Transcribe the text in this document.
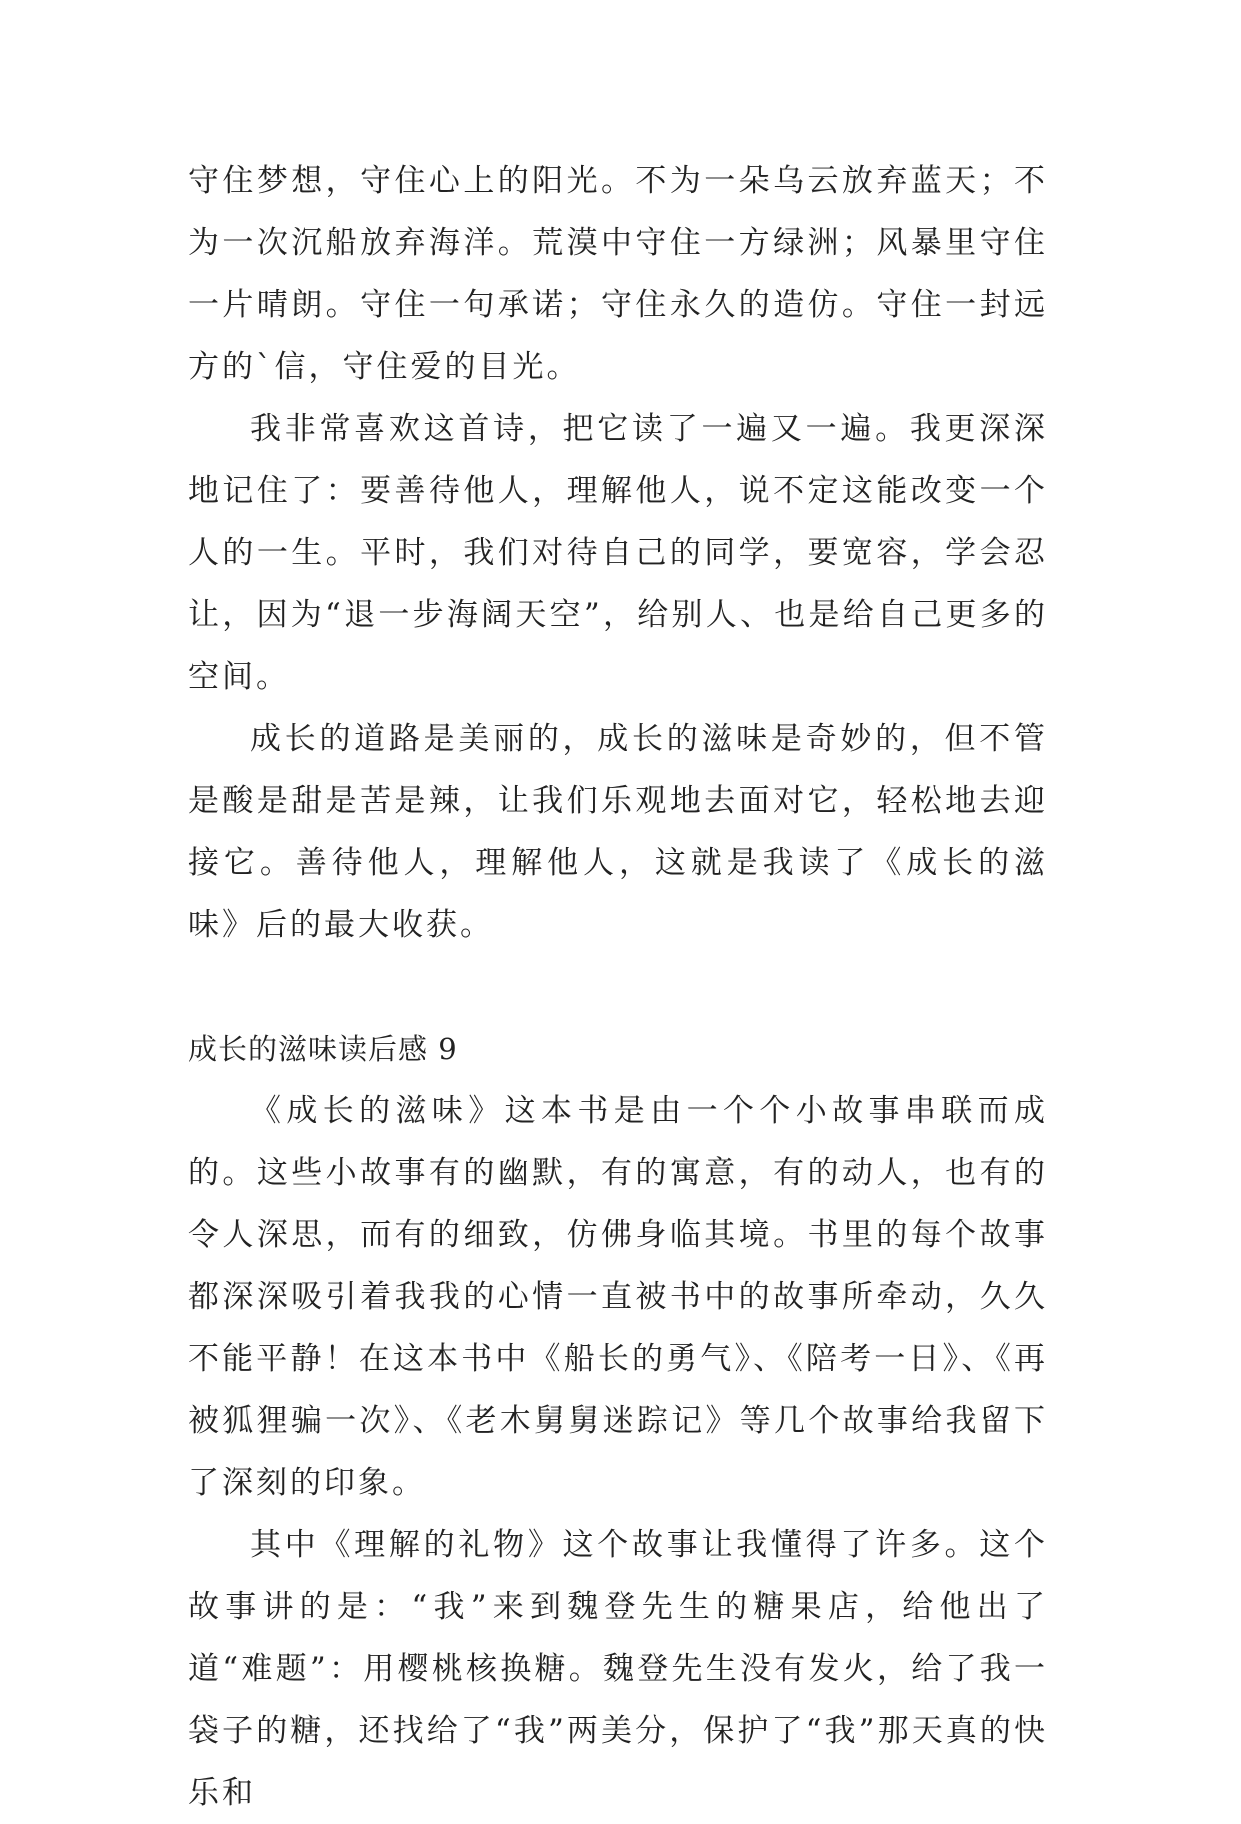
守住梦想，守住心上的阳光。不为一朵乌云放弃蓝天；不为一次沉船放弃海洋。荒漠中守住一方绿洲；风暴里守住一片晴朗。守住一句承诺；守住永久的造仿。守住一封远方的`信，守住爱的目光。

我非常喜欢这首诗，把它读了一遍又一遍。我更深深地记住了：要善待他人，理解他人，说不定这能改变一个人的一生。平时，我们对待自己的同学，要宽容，学会忍让，因为“退一步海阔天空”，给别人、也是给自己更多的空间。

成长的道路是美丽的，成长的滋味是奇妙的，但不管是酸是甜是苦是辣，让我们乐观地去面对它，轻松地去迎接它。善待他人，理解他人，这就是我读了《成长的滋味》后的最大收获。

成长的滋味读后感 9

《成长的滋味》这本书是由一个个小故事串联而成的。这些小故事有的幽默，有的寓意，有的动人，也有的令人深思，而有的细致，仿佛身临其境。书里的每个故事都深深吸引着我我的心情一直被书中的故事所牵动，久久不能平静！在这本书中《船长的勇气》、《陪考一日》、《再被狐狸骗一次》、《老木舅舅迷踪记》等几个故事给我留下了深刻的印象。

其中《理解的礼物》这个故事让我懂得了许多。这个故事讲的是：“我”来到魏登先生的糖果店，给他出了道“难题”：用樱桃核换糖。魏登先生没有发火，给了我一袋子的糖，还找给了“我”两美分，保护了“我”那天真的快乐和
